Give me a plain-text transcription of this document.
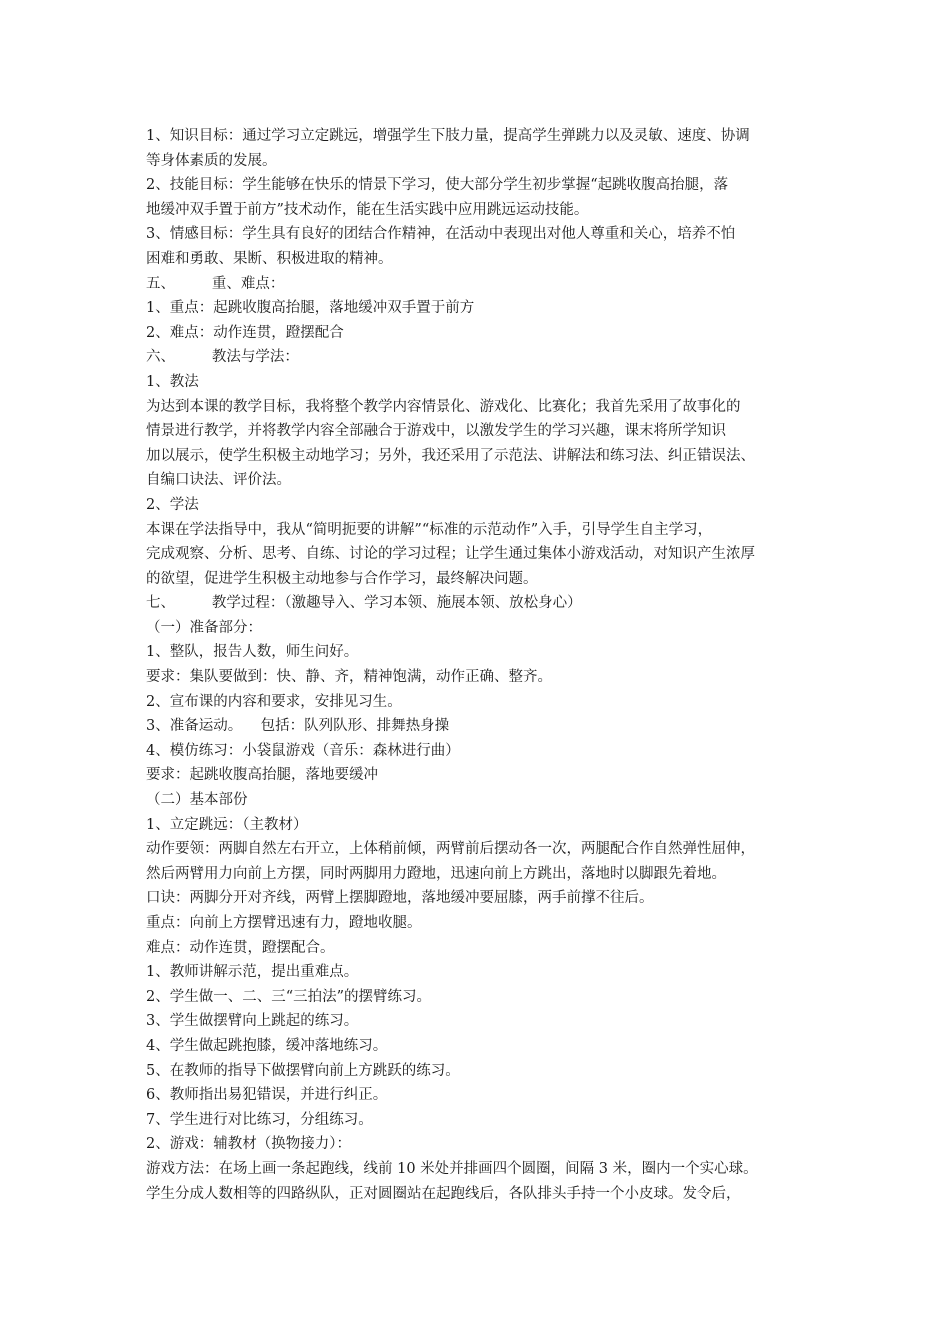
1、知识目标：通过学习立定跳远，增强学生下肢力量，提高学生弹跳力以及灵敏、速度、协调
等身体素质的发展。
2、技能目标：学生能够在快乐的情景下学习，使大部分学生初步掌握“起跳收腹高抬腿，落
地缓冲双手置于前方”技术动作，能在生活实践中应用跳远运动技能。
3、情感目标：学生具有良好的团结合作精神，在活动中表现出对他人尊重和关心，培养不怕
困难和勇敢、果断、积极进取的精神。
五、        重、难点：
1、重点：起跳收腹高抬腿，落地缓冲双手置于前方
2、难点：动作连贯，蹬摆配合
六、        教法与学法：
1、教法
为达到本课的教学目标，我将整个教学内容情景化、游戏化、比赛化；我首先采用了故事化的
情景进行教学，并将教学内容全部融合于游戏中，以激发学生的学习兴趣，课末将所学知识
加以展示，使学生积极主动地学习；另外，我还采用了示范法、讲解法和练习法、纠正错误法、
自编口诀法、评价法。
2、学法
本课在学法指导中，我从“简明扼要的讲解”“标准的示范动作”入手，引导学生自主学习，
完成观察、分析、思考、自练、讨论的学习过程；让学生通过集体小游戏活动，对知识产生浓厚
的欲望，促进学生积极主动地参与合作学习，最终解决问题。
七、        教学过程：（激趣导入、学习本领、施展本领、放松身心）
（一）准备部分：
1、整队，报告人数，师生问好。
要求：集队要做到：快、静、齐，精神饱满，动作正确、整齐。
2、宣布课的内容和要求，安排见习生。
3、准备运动。    包括：队列队形、排舞热身操
4、模仿练习：小袋鼠游戏（音乐：森林进行曲）
要求：起跳收腹高抬腿，落地要缓冲
（二）基本部份
1、立定跳远：（主教材）
动作要领：两脚自然左右开立，上体稍前倾，两臂前后摆动各一次，两腿配合作自然弹性屈伸，
然后两臂用力向前上方摆，同时两脚用力蹬地，迅速向前上方跳出，落地时以脚跟先着地。
口诀：两脚分开对齐线，两臂上摆脚蹬地，落地缓冲要屈膝，两手前撑不往后。
重点：向前上方摆臂迅速有力，蹬地收腿。
难点：动作连贯，蹬摆配合。
1、教师讲解示范，提出重难点。
2、学生做一、二、三“三拍法”的摆臂练习。
3、学生做摆臂向上跳起的练习。
4、学生做起跳抱膝，缓冲落地练习。
5、在教师的指导下做摆臂向前上方跳跃的练习。
6、教师指出易犯错误，并进行纠正。
7、学生进行对比练习，分组练习。
2、游戏：辅教材（换物接力）：
游戏方法：在场上画一条起跑线，线前 10 米处并排画四个圆圈，间隔 3 米，圈内一个实心球。
学生分成人数相等的四路纵队，正对圆圈站在起跑线后，各队排头手持一个小皮球。发令后，
